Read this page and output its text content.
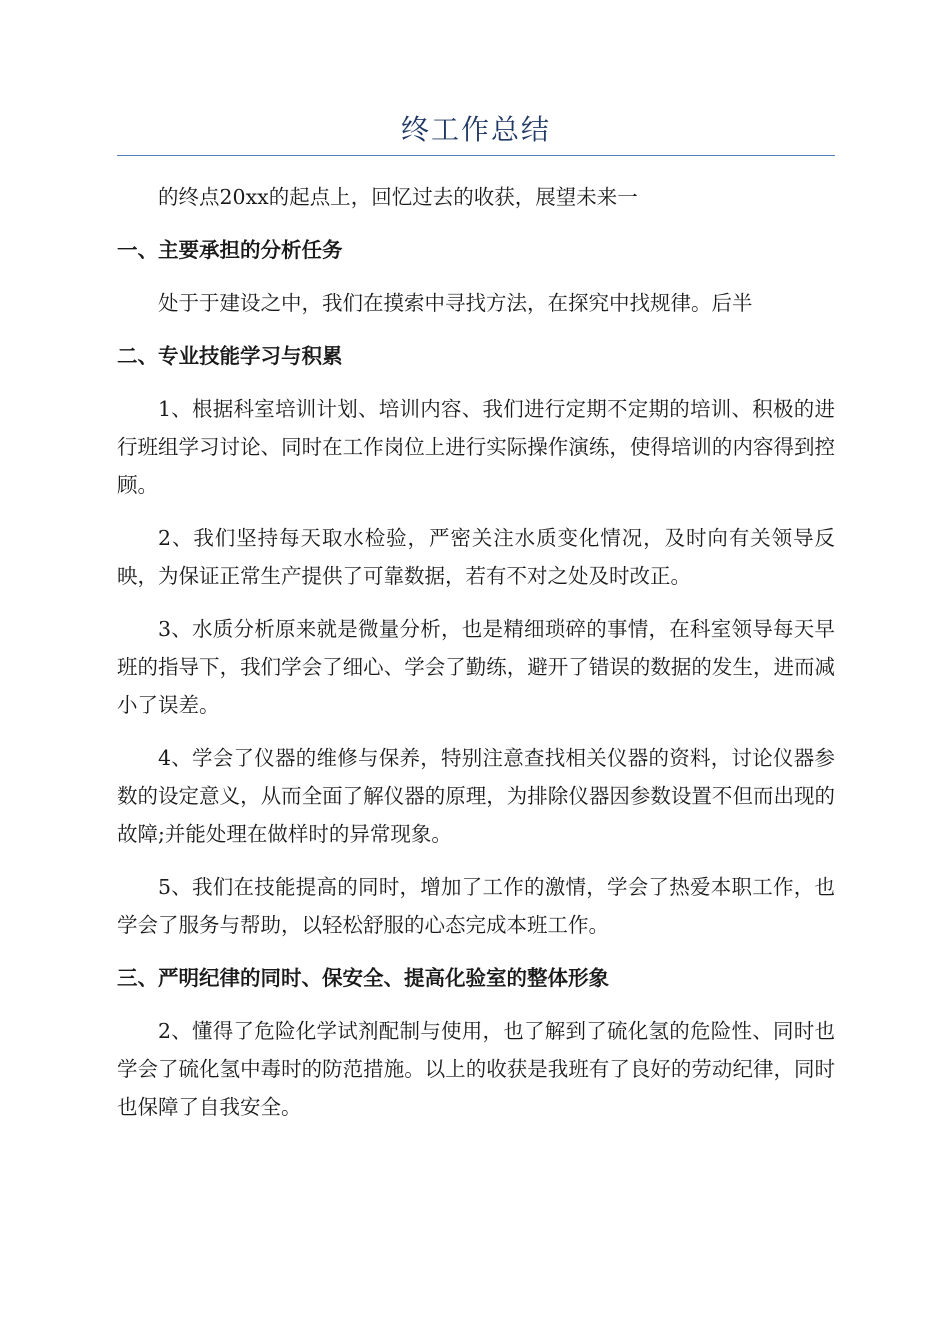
终工作总结

的终点20xx的起点上，回忆过去的收获，展望未来一

一、主要承担的分析任务

处于于建设之中，我们在摸索中寻找方法，在探究中找规律。后半

二、专业技能学习与积累

1、根据科室培训计划、培训内容、我们进行定期不定期的培训、积极的进行班组学习讨论、同时在工作岗位上进行实际操作演练，使得培训的内容得到控顾。

2、我们坚持每天取水检验，严密关注水质变化情况，及时向有关领导反映，为保证正常生产提供了可靠数据，若有不对之处及时改正。

3、水质分析原来就是微量分析，也是精细琐碎的事情，在科室领导每天早班的指导下，我们学会了细心、学会了勤练，避开了错误的数据的发生，进而减小了误差。

4、学会了仪器的维修与保养，特别注意查找相关仪器的资料，讨论仪器参数的设定意义，从而全面了解仪器的原理，为排除仪器因参数设置不但而出现的故障;并能处理在做样时的异常现象。

5、我们在技能提高的同时，增加了工作的激情，学会了热爱本职工作，也学会了服务与帮助，以轻松舒服的心态完成本班工作。

三、严明纪律的同时、保安全、提高化验室的整体形象

2、懂得了危险化学试剂配制与使用，也了解到了硫化氢的危险性、同时也学会了硫化氢中毒时的防范措施。以上的收获是我班有了良好的劳动纪律，同时也保障了自我安全。
